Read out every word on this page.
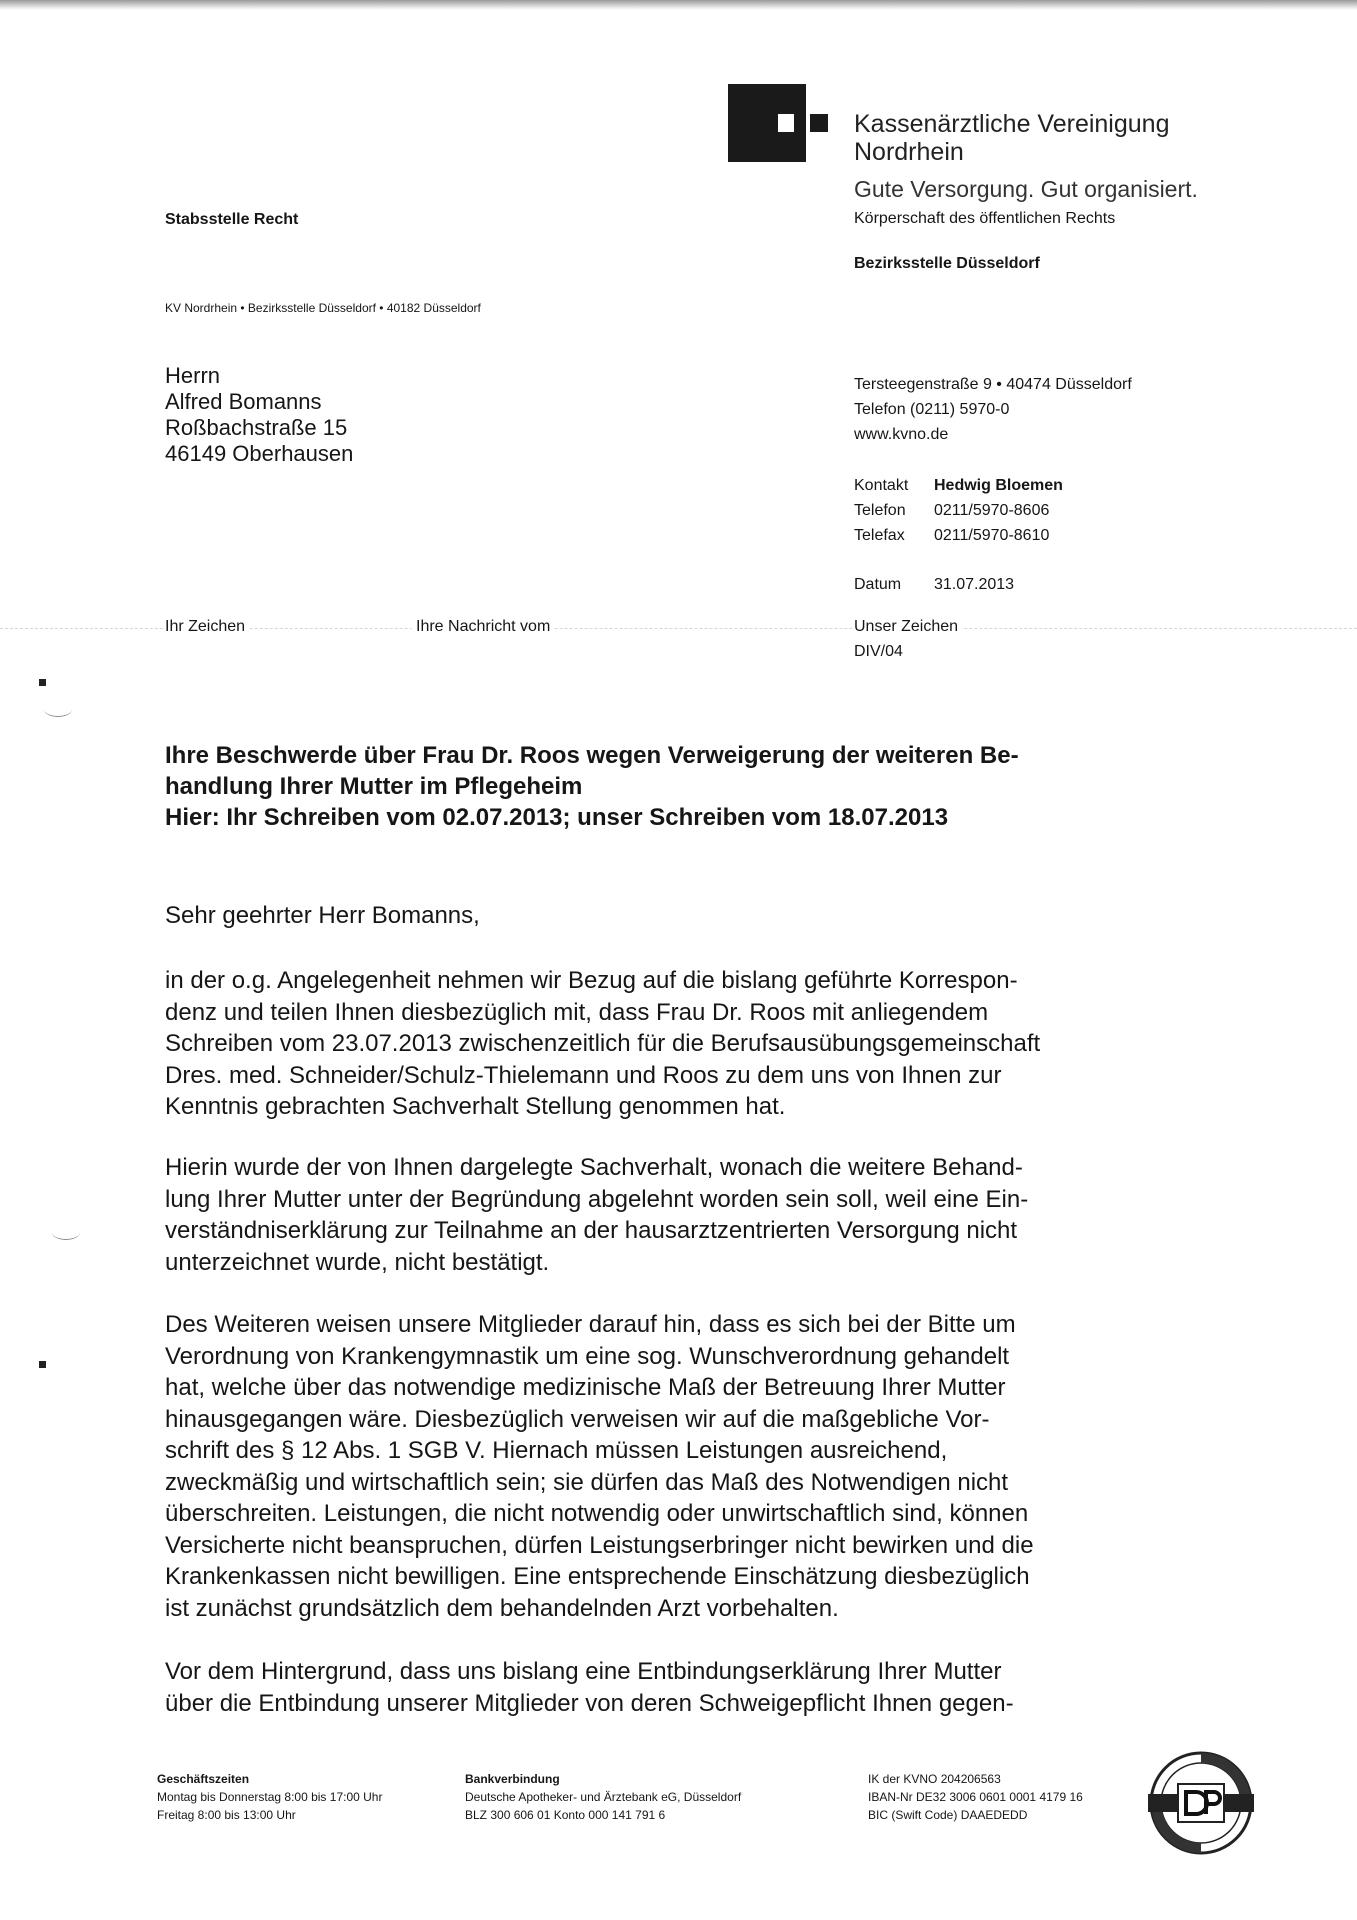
Kassenärztliche Vereinigung
Nordrhein
Gute Versorgung. Gut organisiert.
Körperschaft des öffentlichen Rechts
Bezirksstelle Düsseldorf
Stabsstelle Recht
KV Nordrhein • Bezirksstelle Düsseldorf • 40182 Düsseldorf
Herrn
Alfred Bomanns
Roßbachstraße 15
46149 Oberhausen
Tersteegenstraße 9 • 40474 Düsseldorf
Telefon (0211) 5970-0
www.kvno.de
Kontakt Hedwig Bloemen
Telefon 0211/5970-8606
Telefax 0211/5970-8610
Datum 31.07.2013
Ihr Zeichen	Ihre Nachricht vom	Unser Zeichen
DIV/04
Ihre Beschwerde über Frau Dr. Roos wegen Verweigerung der weiteren Be-
handlung Ihrer Mutter im Pflegeheim
Hier: Ihr Schreiben vom 02.07.2013; unser Schreiben vom 18.07.2013
Sehr geehrter Herr Bomanns,
in der o.g. Angelegenheit nehmen wir Bezug auf die bislang geführte Korrespon-
denz und teilen Ihnen diesbezüglich mit, dass Frau Dr. Roos mit anliegendem
Schreiben vom 23.07.2013 zwischenzeitlich für die Berufsausübungsgemeinschaft
Dres. med. Schneider/Schulz-Thielemann und Roos zu dem uns von Ihnen zur
Kenntnis gebrachten Sachverhalt Stellung genommen hat.
Hierin wurde der von Ihnen dargelegte Sachverhalt, wonach die weitere Behand-
lung Ihrer Mutter unter der Begründung abgelehnt worden sein soll, weil eine Ein-
verständniserklärung zur Teilnahme an der hausarztzentrierten Versorgung nicht
unterzeichnet wurde, nicht bestätigt.
Des Weiteren weisen unsere Mitglieder darauf hin, dass es sich bei der Bitte um
Verordnung von Krankengymnastik um eine sog. Wunschverordnung gehandelt
hat, welche über das notwendige medizinische Maß der Betreuung Ihrer Mutter
hinausgegangen wäre. Diesbezüglich verweisen wir auf die maßgebliche Vor-
schrift des § 12 Abs. 1 SGB V. Hiernach müssen Leistungen ausreichend,
zweckmäßig und wirtschaftlich sein; sie dürfen das Maß des Notwendigen nicht
überschreiten. Leistungen, die nicht notwendig oder unwirtschaftlich sind, können
Versicherte nicht beanspruchen, dürfen Leistungserbringer nicht bewirken und die
Krankenkassen nicht bewilligen. Eine entsprechende Einschätzung diesbezüglich
ist zunächst grundsätzlich dem behandelnden Arzt vorbehalten.
Vor dem Hintergrund, dass uns bislang eine Entbindungserklärung Ihrer Mutter
über die Entbindung unserer Mitglieder von deren Schweigepflicht Ihnen gegen-
Geschäftszeiten
Montag bis Donnerstag 8:00 bis 17:00 Uhr
Freitag 8:00 bis 13:00 Uhr
Bankverbindung
Deutsche Apotheker- und Ärztebank eG, Düsseldorf
BLZ 300 606 01 Konto 000 141 791 6
IK der KVNO 204206563
IBAN-Nr DE32 3006 0601 0001 4179 16
BIC (Swift Code) DAAEDEDD
